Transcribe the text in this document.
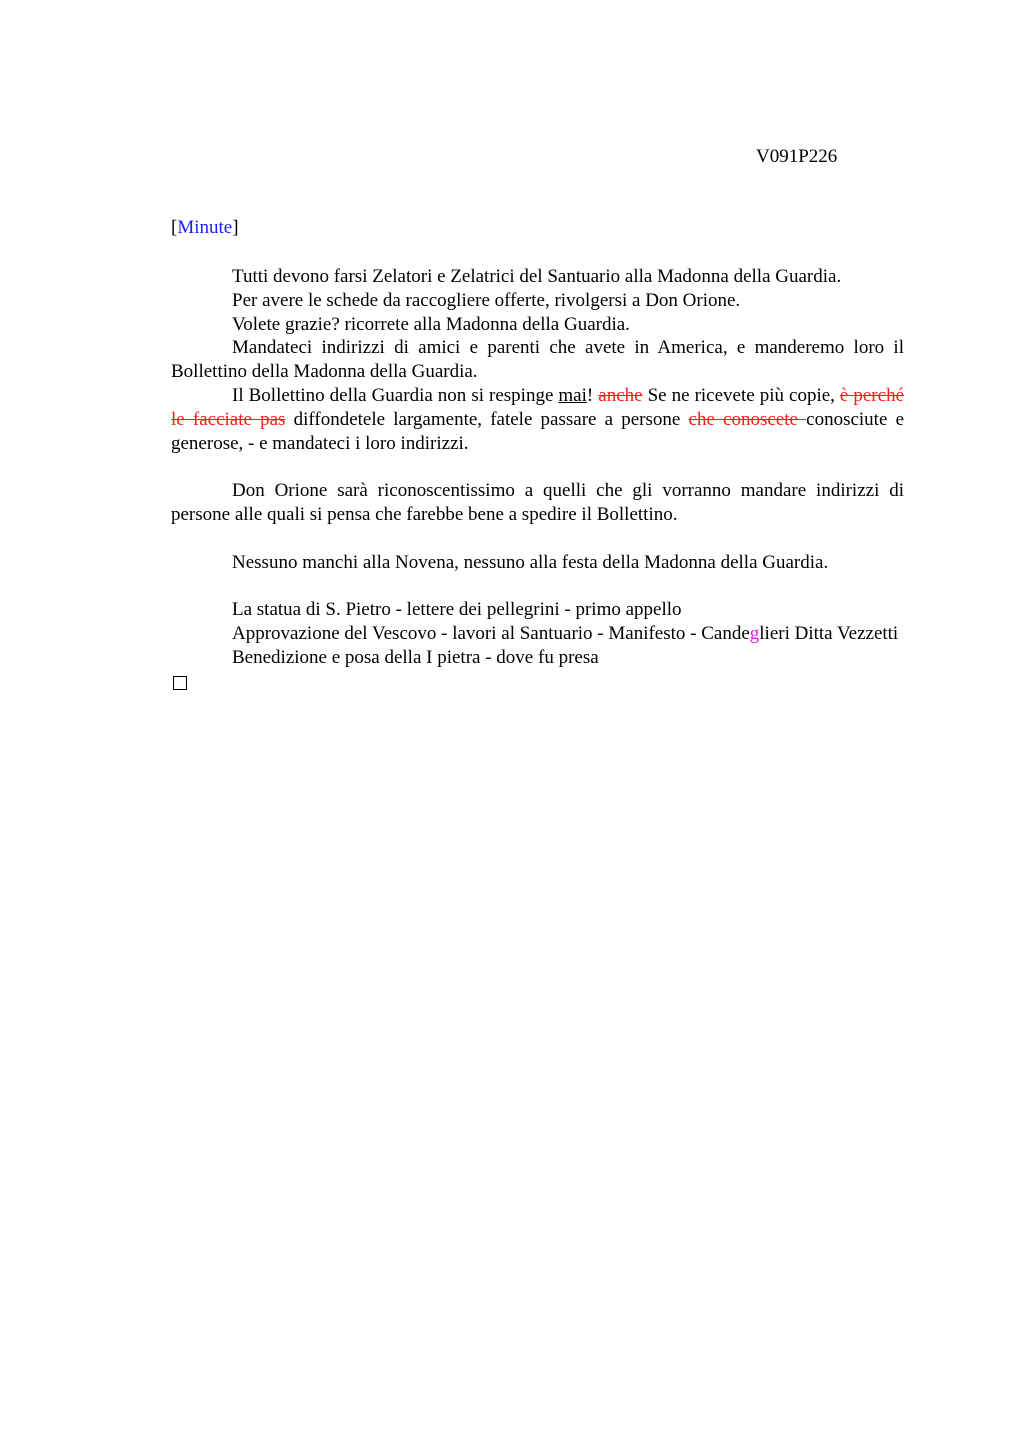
V091P226
[Minute]

Tutti devono farsi Zelatori e Zelatrici del Santuario alla Madonna della Guardia.

Per avere le schede da raccogliere offerte, rivolgersi a Don Orione.

Volete grazie? ricorrete alla Madonna della Guardia.

Mandateci indirizzi di amici e parenti che avete in America, e manderemo loro il Bollettino della Madonna della Guardia.

Il Bollettino della Guardia non si respinge mai! anche Se ne ricevete più copie, è perché le facciate pas diffondetele largamente, fatele passare a persone che conoscete conosciute e generose, - e mandateci i loro indirizzi.

Don Orione sarà riconoscentissimo a quelli che gli vorranno mandare indirizzi di persone alle quali si pensa che farebbe bene a spedire il Bollettino.

Nessuno manchi alla Novena, nessuno alla festa della Madonna della Guardia.

La statua di S. Pietro - lettere dei pellegrini - primo appello

Approvazione del Vescovo - lavori al Santuario - Manifesto - Candeglieri Ditta Vezzetti

Benedizione e posa della I pietra - dove fu presa
